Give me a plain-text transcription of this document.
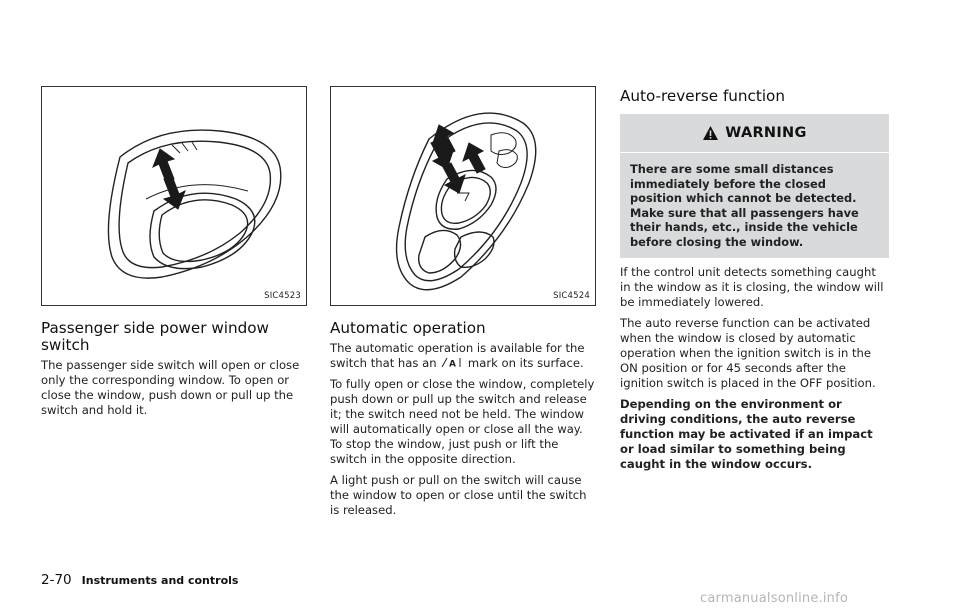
SIC4523
Passenger side power window switch

The passenger side switch will open or close only the corresponding window. To open or close the window, push down or pull up the switch and hold it.

SIC4524
Automatic operation

The automatic operation is available for the switch that has an A mark on its surface.

To fully open or close the window, completely push down or pull up the switch and release it; the switch need not be held. The window will automatically open or close all the way. To stop the window, just push or lift the switch in the opposite direction.

A light push or pull on the switch will cause the window to open or close until the switch is released.

Auto-reverse function
WARNING
There are some small distances immediately before the closed position which cannot be detected. Make sure that all passengers have their hands, etc., inside the vehicle before closing the window.

If the control unit detects something caught in the window as it is closing, the window will be immediately lowered.

The auto reverse function can be activated when the window is closed by automatic operation when the ignition switch is in the ON position or for 45 seconds after the ignition switch is placed in the OFF position.

Depending on the environment or driving conditions, the auto reverse function may be activated if an impact or load similar to something being caught in the window occurs.

2-70 Instruments and controls
carmanualsonline.info
